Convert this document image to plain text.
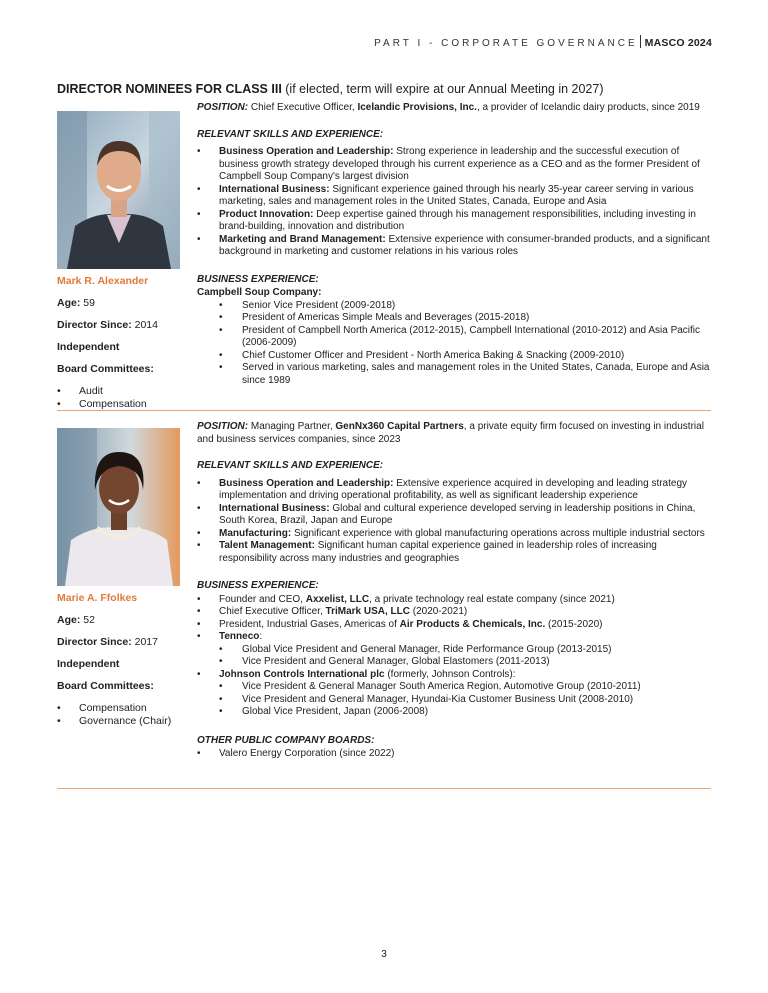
PART I - CORPORATE GOVERNANCE MASCO 2024
DIRECTOR NOMINEES FOR CLASS III (if elected, term will expire at our Annual Meeting in 2027)
Mark R. Alexander
Age: 59
Director Since: 2014
Independent
Board Committees:
• Audit
• Compensation
POSITION: Chief Executive Officer, Icelandic Provisions, Inc., a provider of Icelandic dairy products, since 2019
RELEVANT SKILLS AND EXPERIENCE:
• Business Operation and Leadership: Strong experience in leadership and the successful execution of business growth strategy developed through his current experience as a CEO and as the former President of Campbell Soup Company's largest division
• International Business: Significant experience gained through his nearly 35-year career serving in various marketing, sales and management roles in the United States, Canada, Europe and Asia
• Product Innovation: Deep expertise gained through his management responsibilities, including investing in brand-building, innovation and distribution
• Marketing and Brand Management: Extensive experience with consumer-branded products, and a significant background in marketing and customer relations in his various roles
BUSINESS EXPERIENCE:
Campbell Soup Company:
• Senior Vice President (2009-2018)
• President of Americas Simple Meals and Beverages (2015-2018)
• President of Campbell North America (2012-2015), Campbell International (2010-2012) and Asia Pacific (2006-2009)
• Chief Customer Officer and President - North America Baking & Snacking (2009-2010)
• Served in various marketing, sales and management roles in the United States, Canada, Europe and Asia since 1989
Marie A. Ffolkes
Age: 52
Director Since: 2017
Independent
Board Committees:
• Compensation
• Governance (Chair)
POSITION: Managing Partner, GenNx360 Capital Partners, a private equity firm focused on investing in industrial and business services companies, since 2023
RELEVANT SKILLS AND EXPERIENCE:
• Business Operation and Leadership: Extensive experience acquired in developing and leading strategy implementation and driving operational profitability, as well as significant leadership experience
• International Business: Global and cultural experience developed serving in leadership positions in China, South Korea, Brazil, Japan and Europe
• Manufacturing: Significant experience with global manufacturing operations across multiple industrial sectors
• Talent Management: Significant human capital experience gained in leadership roles of increasing responsibility across many industries and geographies
BUSINESS EXPERIENCE:
• Founder and CEO, Axxelist, LLC, a private technology real estate company (since 2021)
• Chief Executive Officer, TriMark USA, LLC (2020-2021)
• President, Industrial Gases, Americas of Air Products & Chemicals, Inc. (2015-2020)
• Tenneco:
• Global Vice President and General Manager, Ride Performance Group (2013-2015)
• Vice President and General Manager, Global Elastomers (2011-2013)
• Johnson Controls International plc (formerly, Johnson Controls):
• Vice President & General Manager South America Region, Automotive Group (2010-2011)
• Vice President and General Manager, Hyundai-Kia Customer Business Unit (2008-2010)
• Global Vice President, Japan (2006-2008)
OTHER PUBLIC COMPANY BOARDS:
• Valero Energy Corporation (since 2022)
3
